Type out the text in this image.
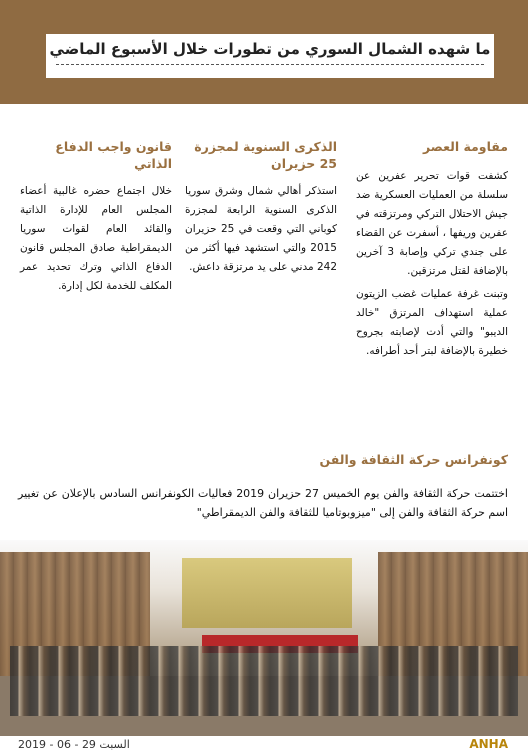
ما شهده الشمال السوري من تطورات خلال الأسبوع الماضي
مقاومة العصر

كشفت قوات تحرير عفرين عن سلسلة من العمليات العسكرية ضد جيش الاحتلال التركي ومرتزقته في عفرين وريفها ، أسفرت عن القضاء على جندي تركي وإصابة 3 آخرين بالإضافة لقتل مرتزقين.

وتبنت غرفة عمليات غضب الزيتون عملية استهداف المرتزق "خالد الديبو" والتي أدت لإصابته بجروح خطيرة بالإضافة لبتر أحد أطرافه.

الذكرى السنوية لمجزرة 25 حزيران

استذكر أهالي شمال وشرق سوريا الذكرى السنوية الرابعة لمجزرة كوباني التي وقعت في 25 حزيران 2015 والتي استشهد فيها أكثر من 242 مدني على يد مرتزقة داعش.

قانون واجب الدفاع الذاتي

خلال اجتماع حضره غالبية أعضاء المجلس العام للإدارة الذاتية والقائد العام لقوات سوريا الديمقراطية صادق المجلس قانون الدفاع الذاتي وترك تحديد عمر المكلف للخدمة لكل إدارة.

كونفرانس حركة الثقافة والفن
اختتمت حركة الثقافة والفن يوم الخميس 27 حزيران 2019 فعاليات الكونفرانس السادس بالإعلان عن تغيير اسم حركة الثقافة والفن إلى "ميزوبوتاميا للثقافة والفن الديمقراطي"
ANHA
السبت 29 - 06 - 2019
